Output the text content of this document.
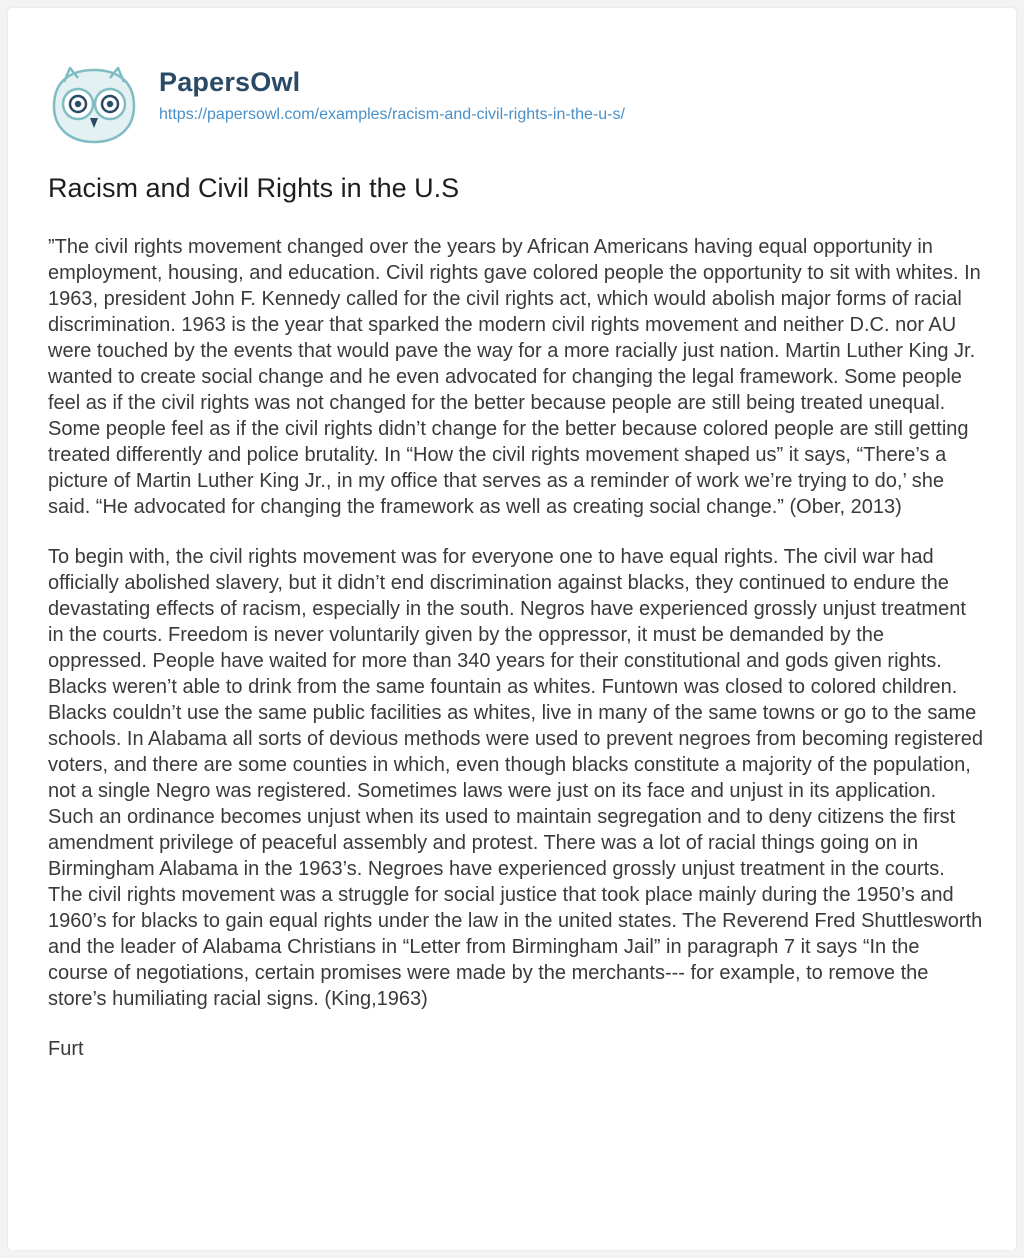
PapersOwl
https://papersowl.com/examples/racism-and-civil-rights-in-the-u-s/
Racism and Civil Rights in the U.S

”The civil rights movement changed over the years by African Americans having equal opportunity in employment, housing, and education. Civil rights gave colored people the opportunity to sit with whites. In 1963, president John F. Kennedy called for the civil rights act, which would abolish major forms of racial discrimination. 1963 is the year that sparked the modern civil rights movement and neither D.C. nor AU were touched by the events that would pave the way for a more racially just nation. Martin Luther King Jr. wanted to create social change and he even advocated for changing the legal framework. Some people feel as if the civil rights was not changed for the better because people are still being treated unequal. Some people feel as if the civil rights didn’t change for the better because colored people are still getting treated differently and police brutality. In “How the civil rights movement shaped us” it says, “There’s a picture of Martin Luther King Jr., in my office that serves as a reminder of work we’re trying to do,’ she said. “He advocated for changing the framework as well as creating social change.” (Ober, 2013)

To begin with, the civil rights movement was for everyone one to have equal rights. The civil war had officially abolished slavery, but it didn’t end discrimination against blacks, they continued to endure the devastating effects of racism, especially in the south. Negros have experienced grossly unjust treatment in the courts. Freedom is never voluntarily given by the oppressor, it must be demanded by the oppressed. People have waited for more than 340 years for their constitutional and gods given rights. Blacks weren’t able to drink from the same fountain as whites. Funtown was closed to colored children. Blacks couldn’t use the same public facilities as whites, live in many of the same towns or go to the same schools. In Alabama all sorts of devious methods were used to prevent negroes from becoming registered voters, and there are some counties in which, even though blacks constitute a majority of the population, not a single Negro was registered. Sometimes laws were just on its face and unjust in its application. Such an ordinance becomes unjust when its used to maintain segregation and to deny citizens the first amendment privilege of peaceful assembly and protest. There was a lot of racial things going on in Birmingham Alabama in the 1963’s. Negroes have experienced grossly unjust treatment in the courts. The civil rights movement was a struggle for social justice that took place mainly during the 1950’s and 1960’s for blacks to gain equal rights under the law in the united states. The Reverend Fred Shuttlesworth and the leader of Alabama Christians in “Letter from Birmingham Jail” in paragraph 7 it says “In the course of negotiations, certain promises were made by the merchants--- for example, to remove the store’s humiliating racial signs. (King,1963)

Furt
